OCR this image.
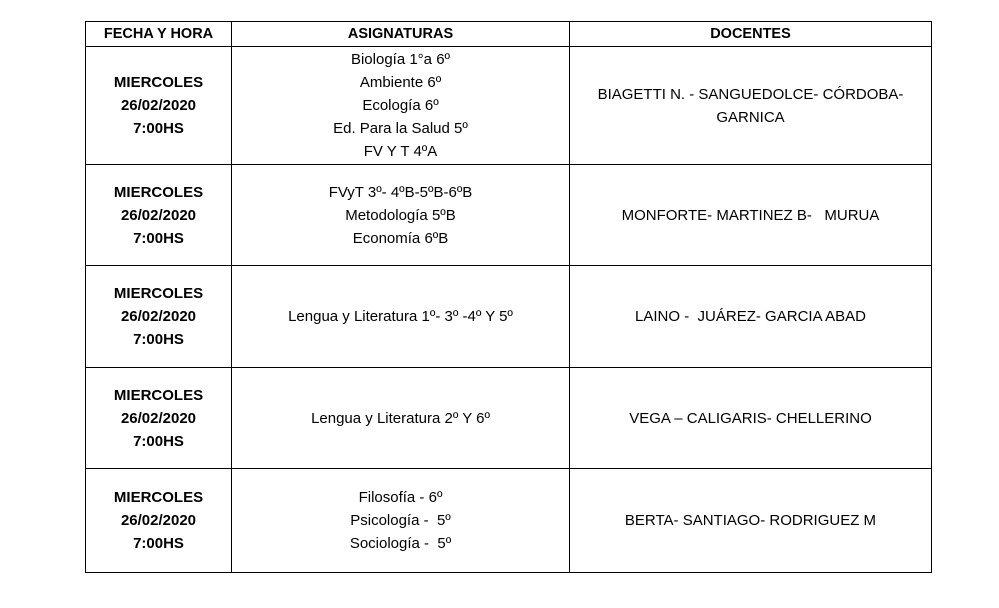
FECHA Y HORA	ASIGNATURAS	DOCENTES

MIERCOLES
26/02/2020
7:00HS	Biología 1°a 6º
Ambiente 6º
Ecología 6º
Ed. Para la Salud 5º
FV Y T 4ºA	BIAGETTI N. - SANGUEDOLCE- CÓRDOBA-GARNICA

MIERCOLES
26/02/2020
7:00HS	FVyT 3º- 4ºB-5ºB-6ºB
Metodología 5ºB
Economía 6ºB	MONFORTE- MARTINEZ B-   MURUA

MIERCOLES
26/02/2020
7:00HS	Lengua y Literatura 1º- 3º -4º Y 5º	LAINO -  JUÁREZ- GARCIA ABAD

MIERCOLES
26/02/2020
7:00HS	Lengua y Literatura 2º Y 6º	VEGA – CALIGARIS- CHELLERINO

MIERCOLES
26/02/2020
7:00HS	Filosofía - 6º
Psicología -  5º
Sociología -  5º	BERTA- SANTIAGO- RODRIGUEZ M
